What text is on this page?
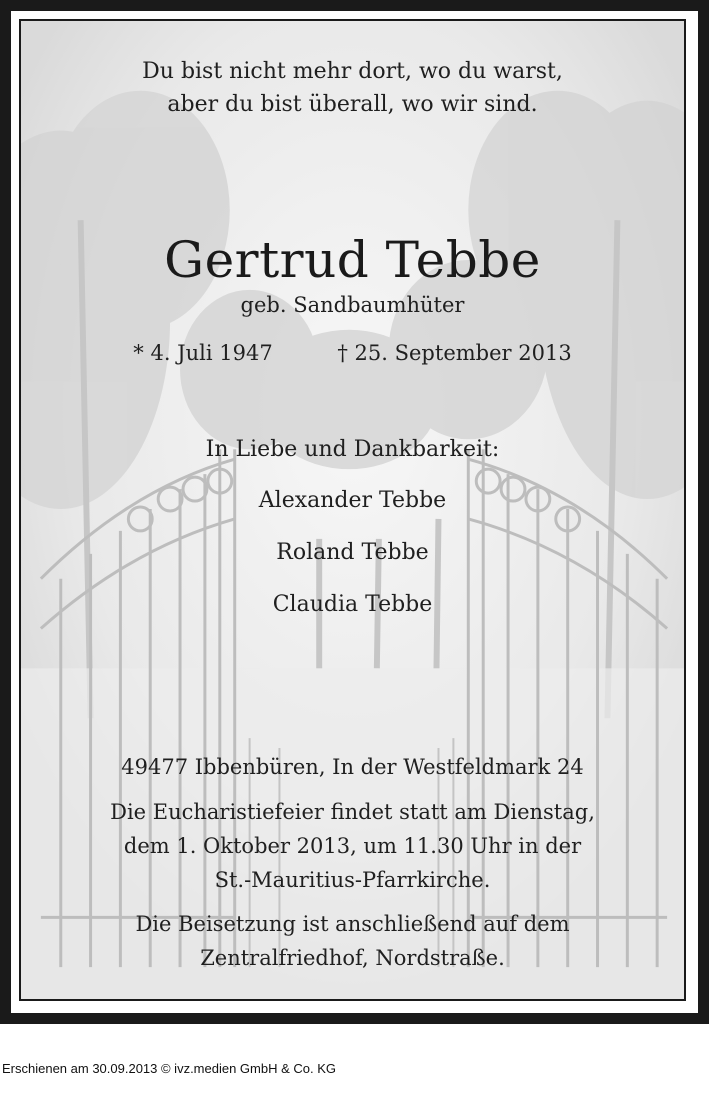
Du bist nicht mehr dort, wo du warst,
aber du bist überall, wo wir sind.
Gertrud Tebbe
geb. Sandbaumhüter
* 4. Juli 1947	† 25. September 2013
In Liebe und Dankbarkeit:
Alexander Tebbe
Roland Tebbe
Claudia Tebbe
49477 Ibbenbüren, In der Westfeldmark 24
Die Eucharistiefeier findet statt am Dienstag,
dem 1. Oktober 2013, um 11.30 Uhr in der
St.-Mauritius-Pfarrkirche.
Die Beisetzung ist anschließend auf dem
Zentralfriedhof, Nordstraße.
Erschienen am 30.09.2013 © ivz.medien GmbH & Co. KG
